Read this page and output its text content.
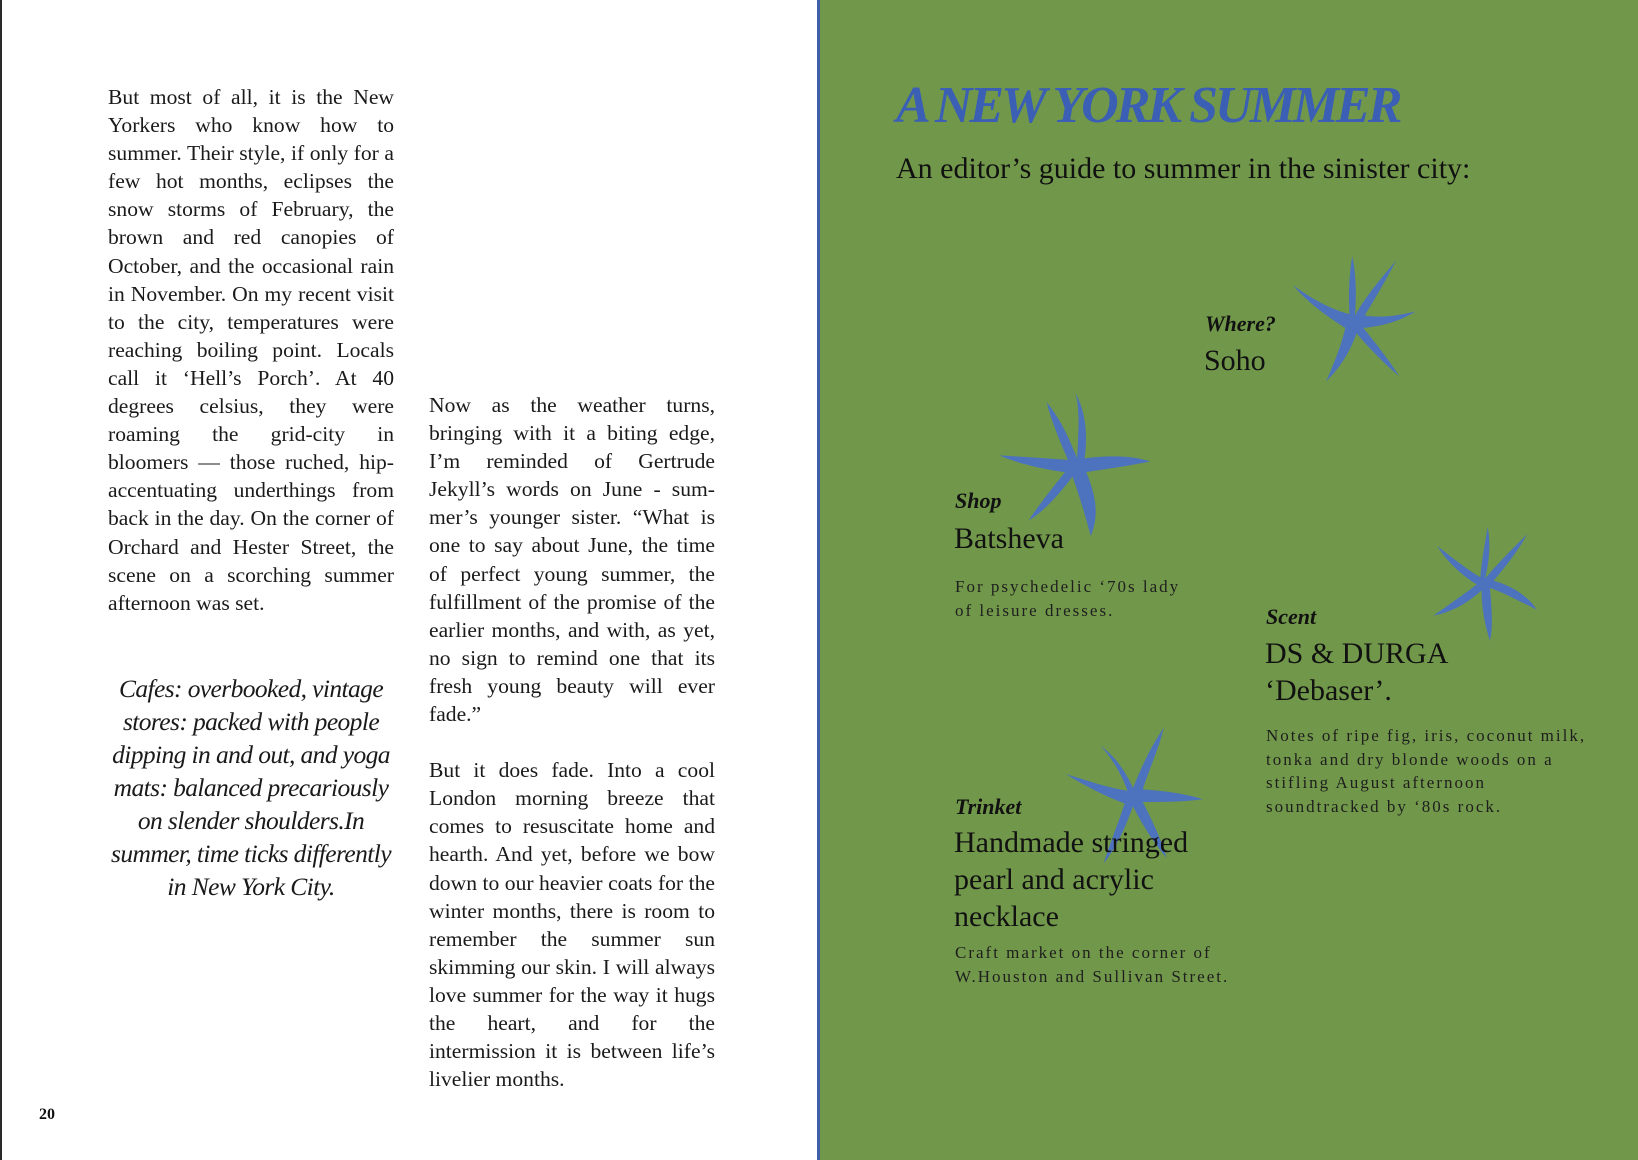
But most of all, it is the New Yorkers who know how to summer. Their style, if only for a few hot months, eclipses the snow storms of February, the brown and red canopies of October, and the occasional rain in November. On my recent visit to the city, temperatures were reaching boiling point. Locals call it ‘Hell’s Porch’. At 40 degrees celsius, they were roaming the grid-city in bloomers — those ruched, hip-accentuating underthings from back in the day. On the corner of Orchard and Hester Street, the scene on a scorching summer afternoon was set.

Cafes: overbooked, vintage stores: packed with people dipping in and out, and yoga mats: balanced precariously on slender shoulders.In summer, time ticks differently in New York City.

Now as the weather turns, bringing with it a biting edge, I’m reminded of Gertrude Jekyll’s words on June - summer’s younger sister. “What is one to say about June, the time of perfect young summer, the fulfillment of the promise of the earlier months, and with, as yet, no sign to remind one that its fresh young beauty will ever fade.”

But it does fade. Into a cool London morning breeze that comes to resuscitate home and hearth. And yet, before we bow down to our heavier coats for the winter months, there is room to remember the summer sun skimming our skin. I will always love summer for the way it hugs the heart, and for the intermission it is between life’s livelier months.

20
A NEW YORK SUMMER
An editor’s guide to summer in the sinister city:
Where?
Soho
Shop
Batsheva
For psychedelic ‘70s lady of leisure dresses.	Scent
DS & DURGA ‘Debaser’.
Notes of ripe fig, iris, coconut milk, tonka and dry blonde woods on a stifling August afternoon soundtracked by ‘80s rock.
Trinket
Handmade stringed pearl and acrylic necklace
Craft market on the corner of W.Houston and Sullivan Street.
